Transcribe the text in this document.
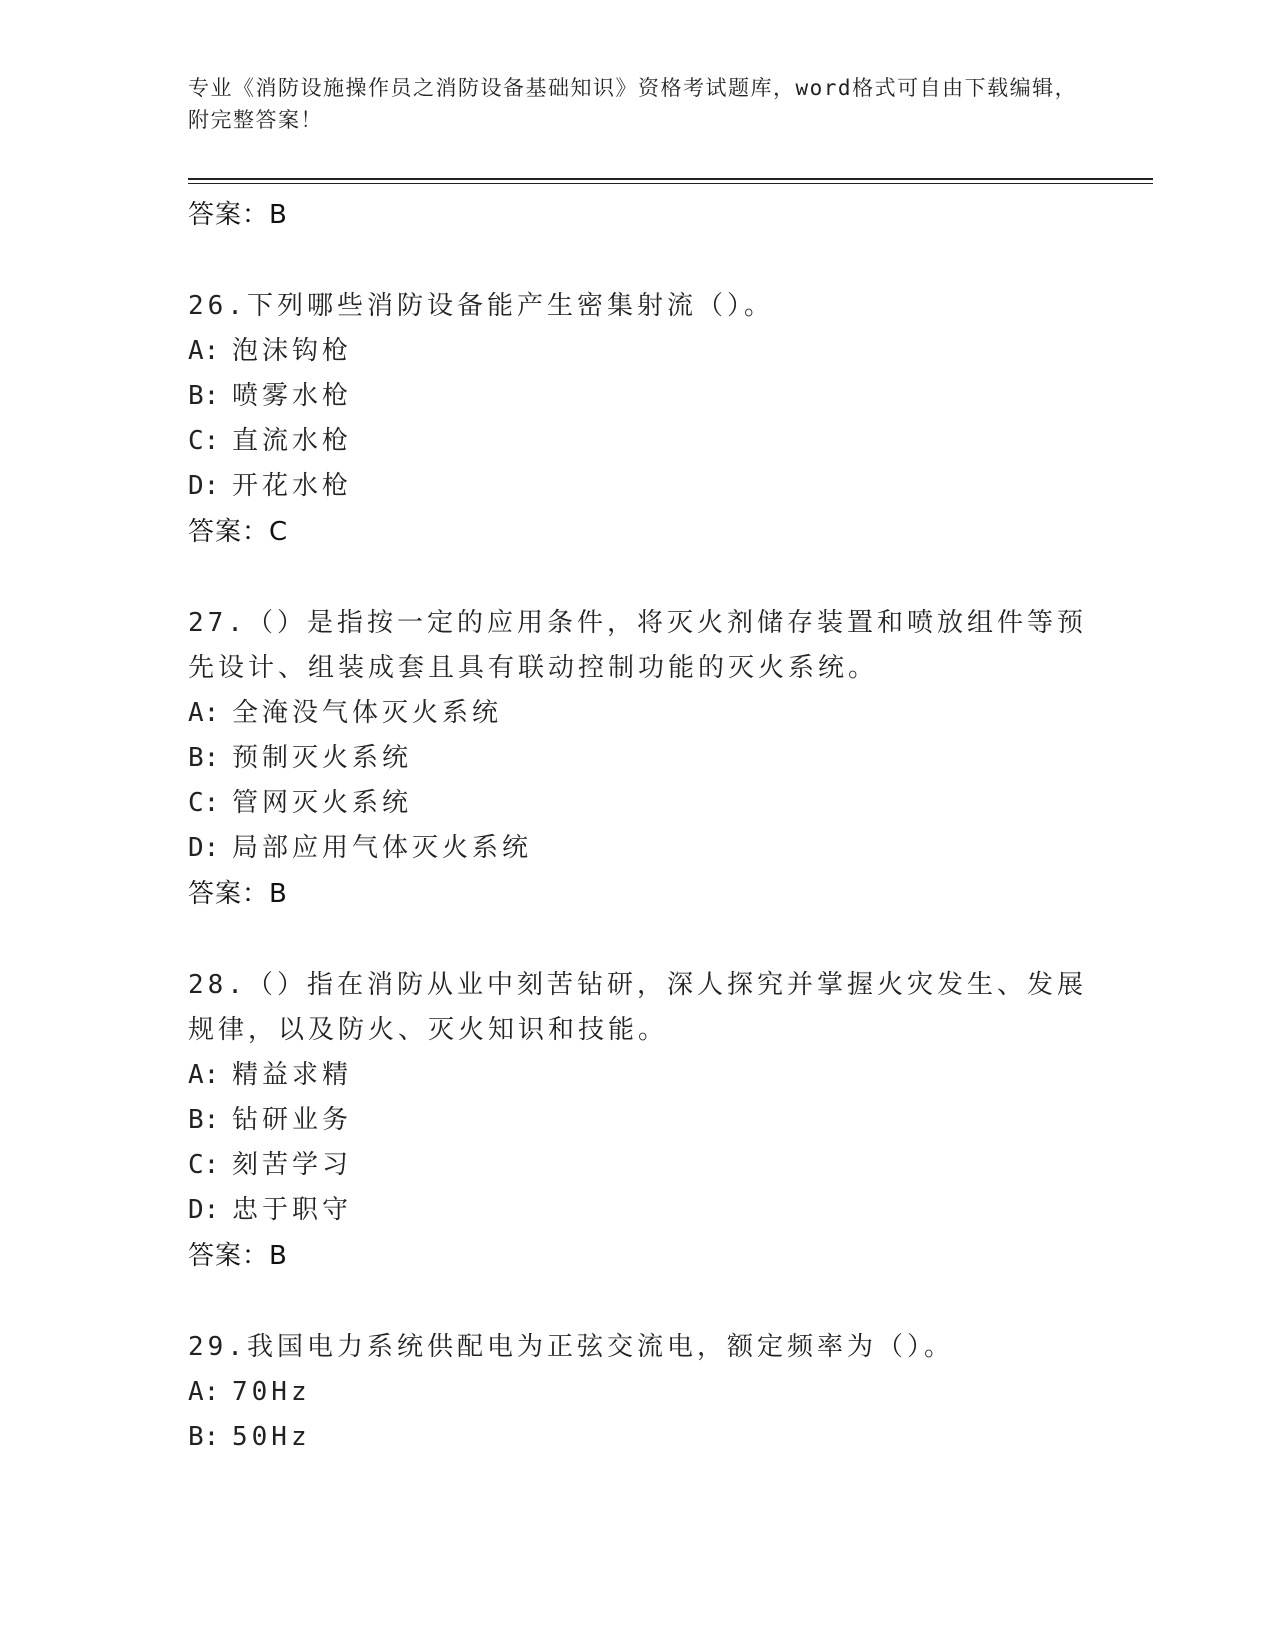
专业《消防设施操作员之消防设备基础知识》资格考试题库，word格式可自由下载编辑，附完整答案！
答案：B
26.下列哪些消防设备能产生密集射流（）。
A: 泡沫钩枪
B: 喷雾水枪
C: 直流水枪
D: 开花水枪
答案：C
27.（）是指按一定的应用条件，将灭火剂储存装置和喷放组件等预先设计、组装成套且具有联动控制功能的灭火系统。
A: 全淹没气体灭火系统
B: 预制灭火系统
C: 管网灭火系统
D: 局部应用气体灭火系统
答案：B
28.（）指在消防从业中刻苦钻研，深人探究并掌握火灾发生、发展规律，以及防火、灭火知识和技能。
A: 精益求精
B: 钻研业务
C: 刻苦学习
D: 忠于职守
答案：B
29.我国电力系统供配电为正弦交流电，额定频率为（）。
A: 70Hz
B: 50Hz
